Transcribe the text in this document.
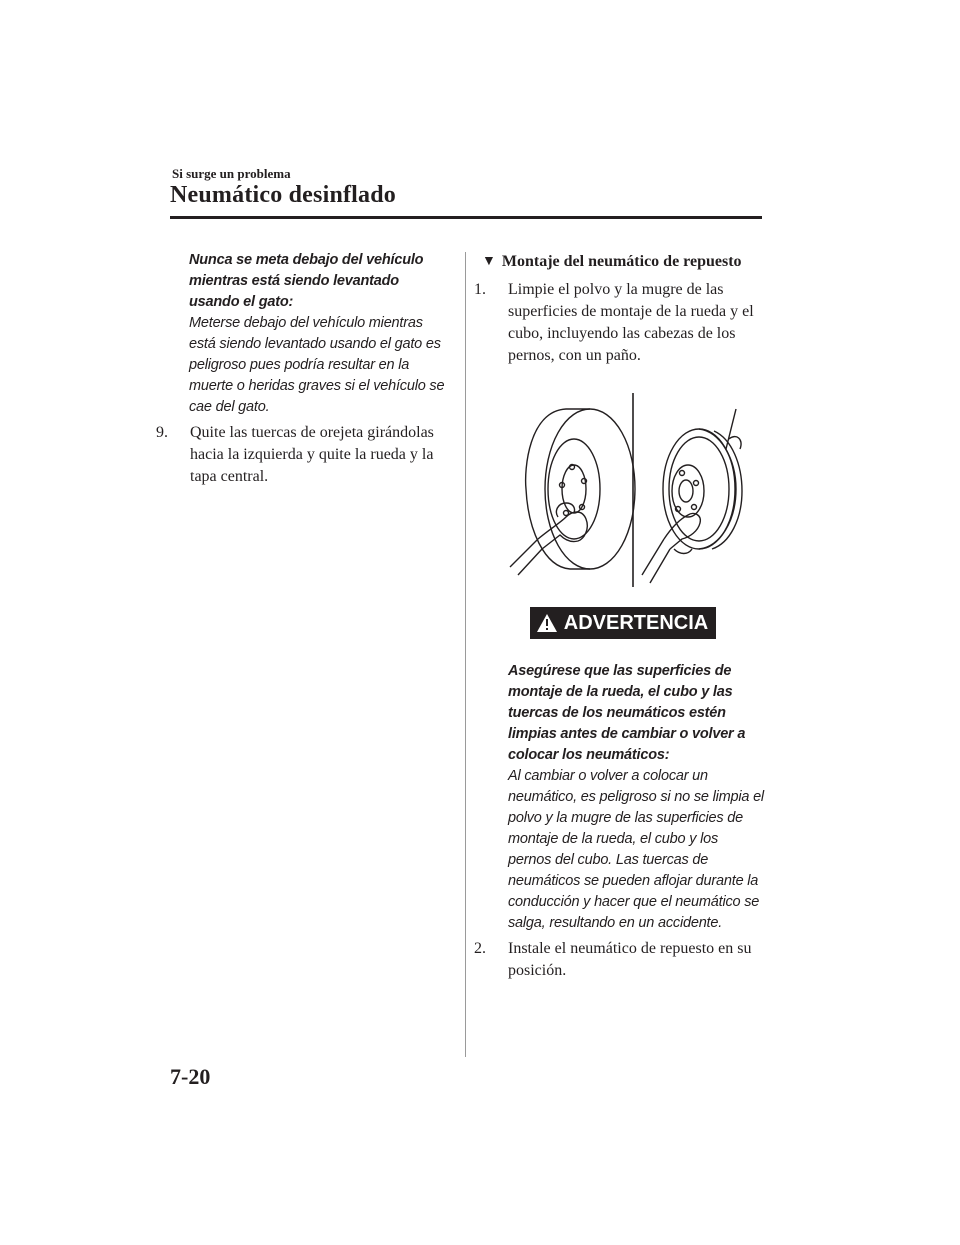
Si surge un problema
Neumático desinflado
Nunca se meta debajo del vehículo mientras está siendo levantado usando el gato:
Meterse debajo del vehículo mientras está siendo levantado usando el gato es peligroso pues podría resultar en la muerte o heridas graves si el vehículo se cae del gato.
9.	Quite las tuercas de orejeta girándolas hacia la izquierda y quite la rueda y la tapa central.
▼ Montaje del neumático de repuesto
1.	Limpie el polvo y la mugre de las superficies de montaje de la rueda y el cubo, incluyendo las cabezas de los pernos, con un paño.
ADVERTENCIA
Asegúrese que las superficies de montaje de la rueda, el cubo y las tuercas de los neumáticos estén limpias antes de cambiar o volver a colocar los neumáticos:
Al cambiar o volver a colocar un neumático, es peligroso si no se limpia el polvo y la mugre de las superficies de montaje de la rueda, el cubo y los pernos del cubo. Las tuercas de neumáticos se pueden aflojar durante la conducción y hacer que el neumático se salga, resultando en un accidente.
2.	Instale el neumático de repuesto en su posición.
7-20
